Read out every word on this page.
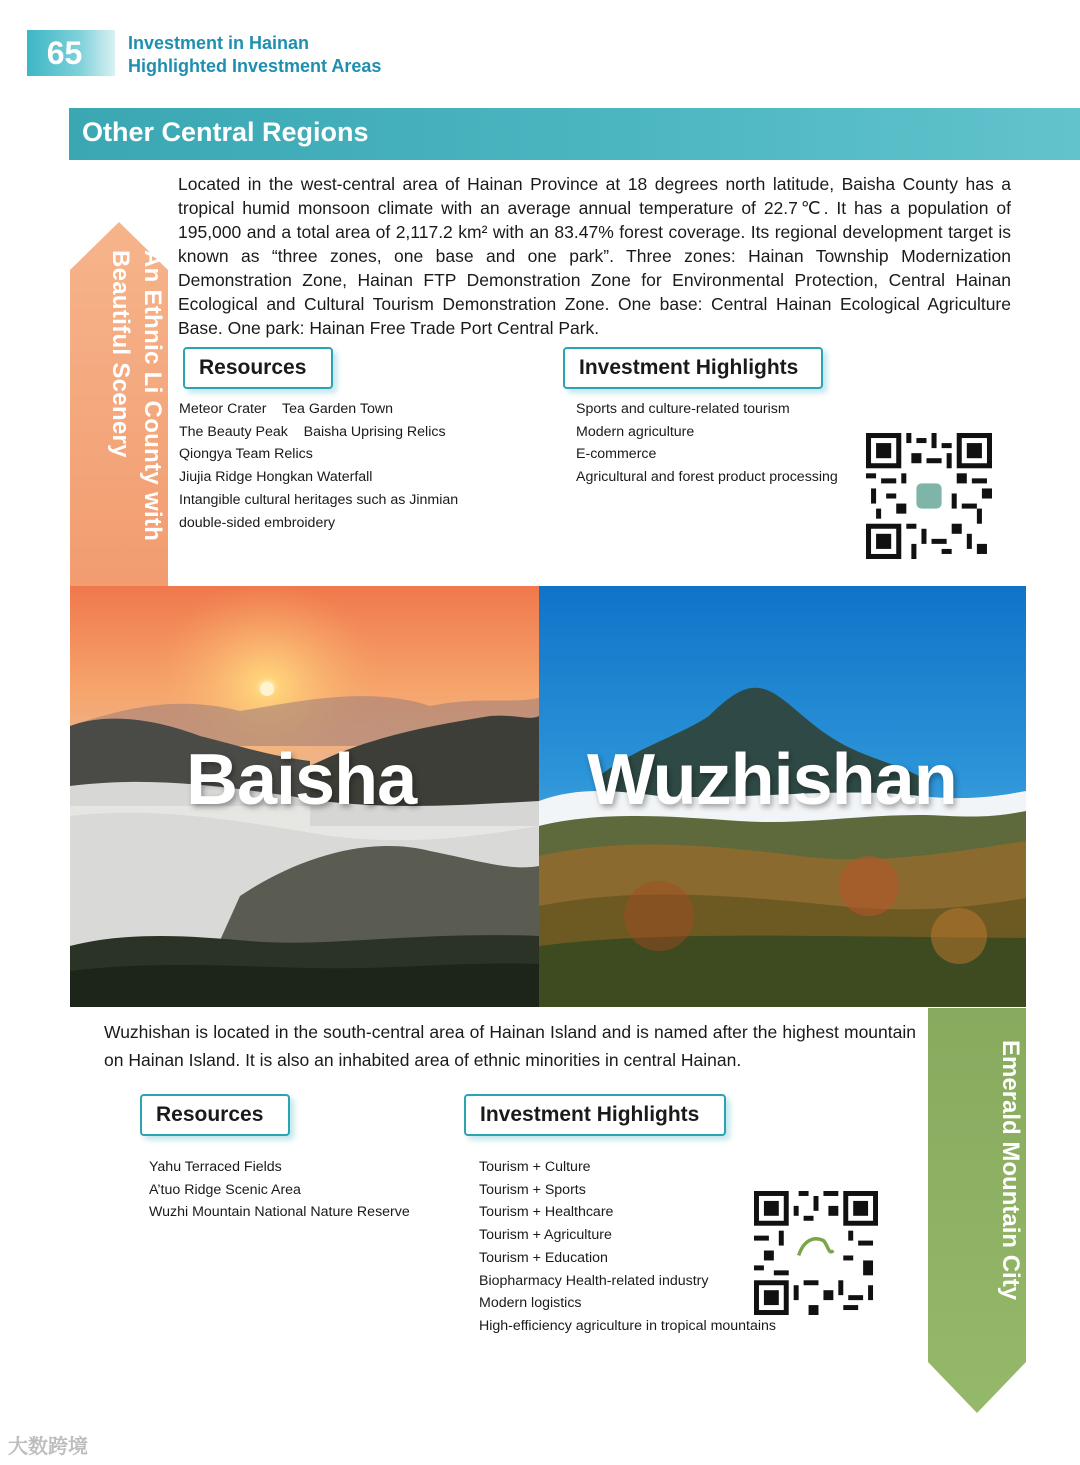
65	Investment in Hainan
Highlighted Investment Areas
Other Central Regions
An Ethnic Li County with Beautiful Scenery
Located in the west-central area of Hainan Province at 18 degrees north latitude, Baisha County has a tropical humid monsoon climate with an average annual temperature of 22.7℃. It has a population of 195,000 and a total area of 2,117.2 km² with an 83.47% forest coverage. Its regional development target is known as “three zones, one base and one park”. Three zones: Hainan Township Modernization Demonstration Zone, Hainan FTP Demonstration Zone for Environmental Protection, Central Hainan Ecological and Cultural Tourism Demonstration Zone. One base: Central Hainan Ecological Agriculture Base. One park: Hainan Free Trade Port Central Park.
Resources	Investment Highlights
Meteor Crater    Tea Garden Town
The Beauty Peak    Baisha Uprising Relics
Qiongya Team Relics
Jiujia Ridge Hongkan Waterfall
Intangible cultural heritages such as Jinmian
double-sided embroidery
Sports and culture-related tourism
Modern agriculture
E-commerce
Agricultural and forest product processing
Baisha Wuzhishan
Emerald Mountain City
Wuzhishan is located in the south-central area of Hainan Island and is named after the highest mountain on Hainan Island. It is also an inhabited area of ethnic minorities in central Hainan.
Resources	Investment Highlights
Yahu Terraced Fields
A’tuo Ridge Scenic Area
Wuzhi Mountain National Nature Reserve
Tourism + Culture
Tourism + Sports
Tourism + Healthcare
Tourism + Agriculture
Tourism + Education
Biopharmacy Health-related industry
Modern logistics
High-efficiency agriculture in tropical mountains
大数跨境
